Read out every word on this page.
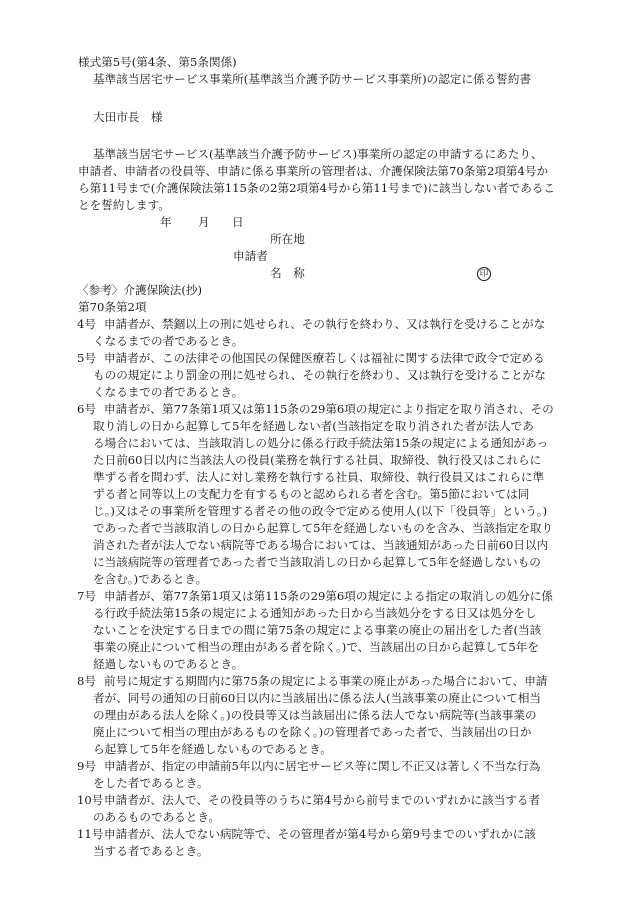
様式第5号(第4条、第5条関係)
基準該当居宅サービス事業所(基準該当介護予防サービス事業所)の認定に係る誓約書
大田市長　様
基準該当居宅サービス(基準該当介護予防サービス)事業所の認定の申請するにあたり、
申請者、申請者の役員等、申請に係る事業所の管理者は、介護保険法第70条第2項第4号か
ら第11号まで(介護保険法第115条の2第2項第4号から第11号まで)に該当しない者であるこ
とを誓約します。
年 月 日
所在地
申請者
名　称	印
〈参考〉介護保険法(抄)
第70条第2項
4号 申請者が、禁錮以上の刑に処せられ、その執行を終わり、又は執行を受けることがな
くなるまでの者であるとき。
5号 申請者が、この法律その他国民の保健医療若しくは福祉に関する法律で政令で定める
ものの規定により罰金の刑に処せられ、その執行を終わり、又は執行を受けることがな
くなるまでの者であるとき。
6号 申請者が、第77条第1項又は第115条の29第6項の規定により指定を取り消され、その
取り消しの日から起算して5年を経過しない者(当該指定を取り消された者が法人であ
る場合においては、当該取消しの処分に係る行政手続法第15条の規定による通知があっ
た日前60日以内に当該法人の役員(業務を執行する社員、取締役、執行役又はこれらに
準ずる者を問わず、法人に対し業務を執行する社員、取締役、執行役員又はこれらに準
ずる者と同等以上の支配力を有するものと認められる者を含む。第5節においては同
じ。)又はその事業所を管理する者その他の政令で定める使用人(以下「役員等」という。)
であった者で当該取消しの日から起算して5年を経過しないものを含み、当該指定を取り
消された者が法人でない病院等である場合においては、当該通知があった日前60日以内
に当該病院等の管理者であった者で当該取消しの日から起算して5年を経過しないもの
を含む。)であるとき。
7号 申請者が、第77条第1項又は第115条の29第6項の規定による指定の取消しの処分に係
る行政手続法第15条の規定による通知があった日から当該処分をする日又は処分をし
ないことを決定する日までの間に第75条の規定による事業の廃止の届出をした者(当該
事業の廃止について相当の理由がある者を除く。)で、当該届出の日から起算して5年を
経過しないものであるとき。
8号 前号に規定する期間内に第75条の規定による事業の廃止があった場合において、申請
者が、同号の通知の日前60日以内に当該届出に係る法人(当該事業の廃止について相当
の理由がある法人を除く。)の役員等又は当該届出に係る法人でない病院等(当該事業の
廃止について相当の理由があるものを除く。)の管理者であった者で、当該届出の日か
ら起算して5年を経過しないものであるとき。
9号 申請者が、指定の申請前5年以内に居宅サービス等に関し不正又は著しく不当な行為
をした者であるとき。
10号 申請者が、法人で、その役員等のうちに第4号から前号までのいずれかに該当する者
のあるものであるとき。
11号 申請者が、法人でない病院等で、その管理者が第4号から第9号までのいずれかに該
当する者であるとき。
